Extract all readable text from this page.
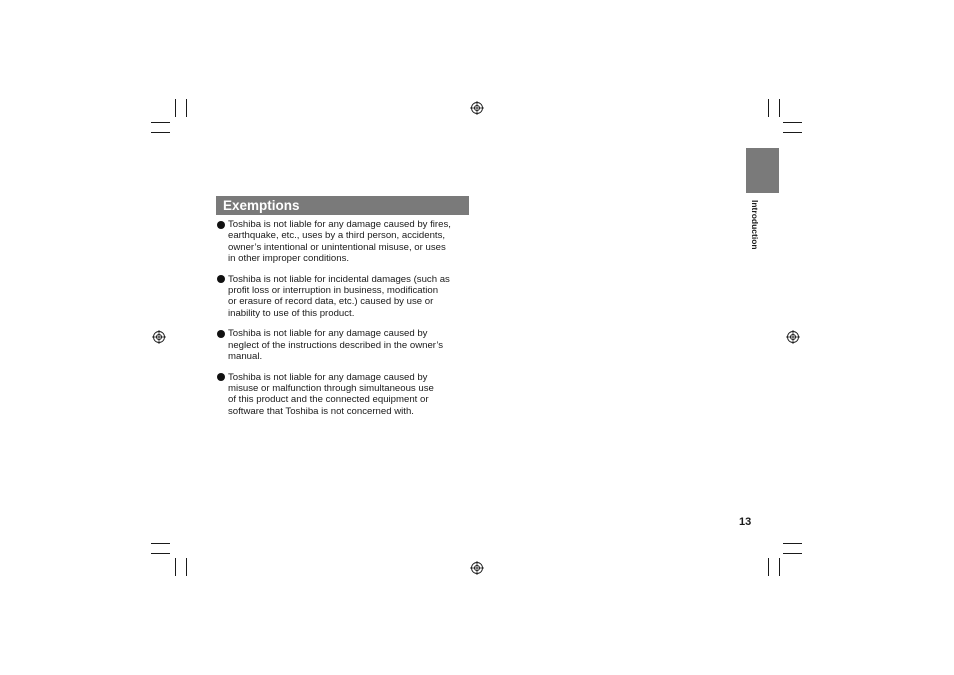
Exemptions
Toshiba is not liable for any damage caused by fires,
earthquake, etc., uses by a third person, accidents,
owner’s intentional or unintentional misuse, or uses
in other improper conditions.
Toshiba is not liable for incidental damages (such as
profit loss or interruption in business, modification
or erasure of record data, etc.) caused by use or
inability to use of this product.
Toshiba is not liable for any damage caused by
neglect of the instructions described in the owner’s
manual.
Toshiba is not liable for any damage caused by
misuse or malfunction through simultaneous use
of this product and the connected equipment or
software that Toshiba is not concerned with.
Introduction
13
